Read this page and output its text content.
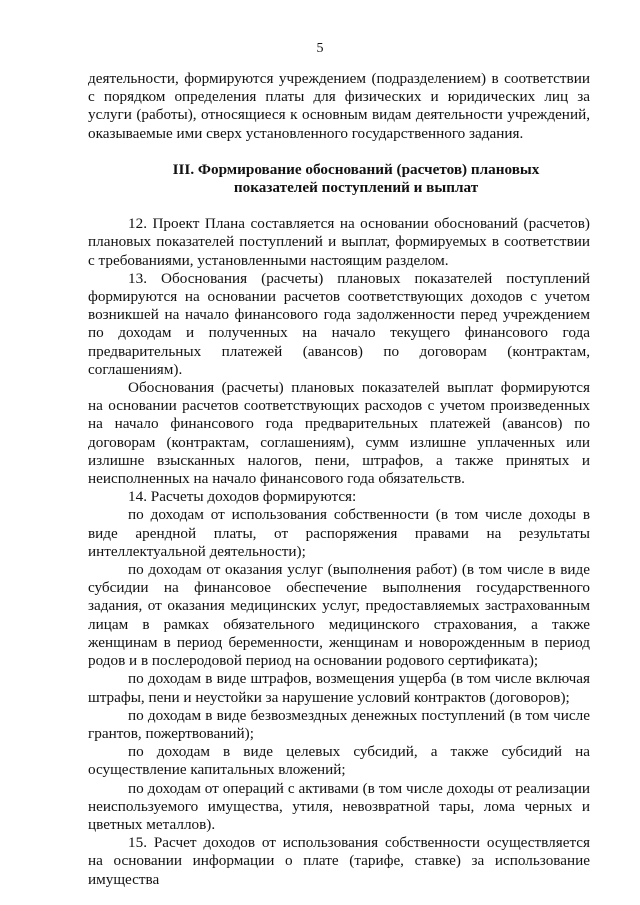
5

деятельности, формируются учреждением (подразделением) в соответствии с порядком определения платы для физических и юридических лиц за услуги (работы), относящиеся к основным видам деятельности учреждений, оказываемые ими сверх установленного государственного задания.

III. Формирование обоснований (расчетов) плановых показателей поступлений и выплат

12. Проект Плана составляется на основании обоснований (расчетов) плановых показателей поступлений и выплат, формируемых в соответствии с требованиями, установленными настоящим разделом.

13. Обоснования (расчеты) плановых показателей поступлений формируются на основании расчетов соответствующих доходов с учетом возникшей на начало финансового года задолженности перед учреждением по доходам и полученных на начало текущего финансового года предварительных платежей (авансов) по договорам (контрактам, соглашениям).

Обоснования (расчеты) плановых показателей выплат формируются на основании расчетов соответствующих расходов с учетом произведенных на начало финансового года предварительных платежей (авансов) по договорам (контрактам, соглашениям), сумм излишне уплаченных или излишне взысканных налогов, пени, штрафов, а также принятых и неисполненных на начало финансового года обязательств.

14. Расчеты доходов формируются:

по доходам от использования собственности (в том числе доходы в виде арендной платы, от распоряжения правами на результаты интеллектуальной деятельности);

по доходам от оказания услуг (выполнения работ) (в том числе в виде субсидии на финансовое обеспечение выполнения государственного задания, от оказания медицинских услуг, предоставляемых застрахованным лицам в рамках обязательного медицинского страхования, а также женщинам в период беременности, женщинам и новорожденным в период родов и в послеродовой период на основании родового сертификата);

по доходам в виде штрафов, возмещения ущерба (в том числе включая штрафы, пени и неустойки за нарушение условий контрактов (договоров);

по доходам в виде безвозмездных денежных поступлений (в том числе грантов, пожертвований);

по доходам в виде целевых субсидий, а также субсидий на осуществление капитальных вложений;

по доходам от операций с активами (в том числе доходы от реализации неиспользуемого имущества, утиля, невозвратной тары, лома черных и цветных металлов).

15. Расчет доходов от использования собственности осуществляется на основании информации о плате (тарифе, ставке) за использование имущества
